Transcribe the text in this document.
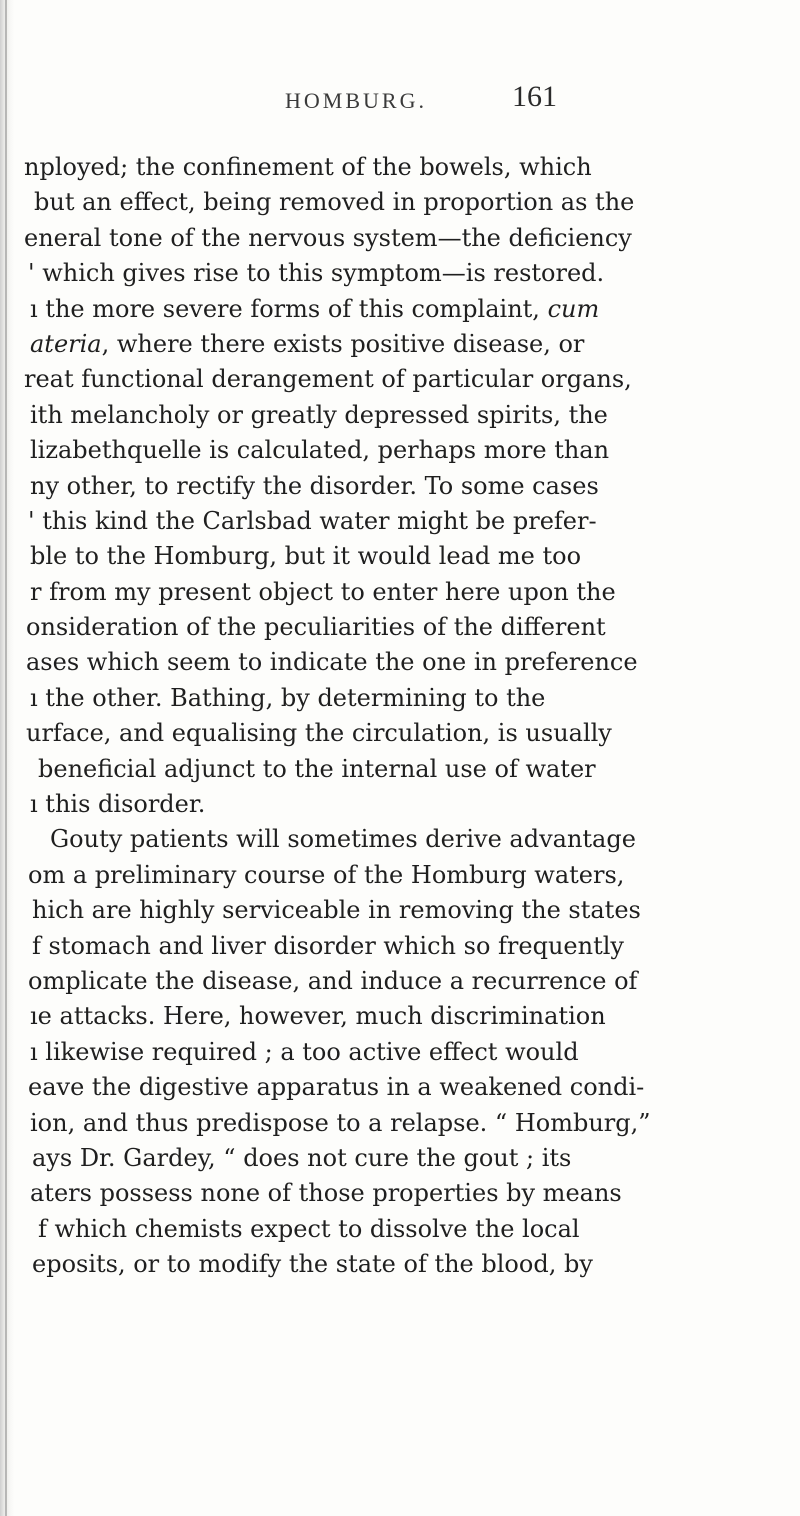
HOMBURG.	161
nployed; the confinement of the bowels, which
but an effect, being removed in proportion as the
eneral tone of the nervous system—the deficiency
' which gives rise to this symptom—is restored.
ı the more severe forms of this complaint, cum
ateria, where there exists positive disease, or
reat functional derangement of particular organs,
ith melancholy or greatly depressed spirits, the
lizabethquelle is calculated, perhaps more than
ny other, to rectify the disorder. To some cases
' this kind the Carlsbad water might be prefer-
ble to the Homburg, but it would lead me too
r from my present object to enter here upon the
onsideration of the peculiarities of the different
ases which seem to indicate the one in preference
ı the other. Bathing, by determining to the
urface, and equalising the circulation, is usually
beneficial adjunct to the internal use of water
ı this disorder.
Gouty patients will sometimes derive advantage
om a preliminary course of the Homburg waters,
hich are highly serviceable in removing the states
f stomach and liver disorder which so frequently
omplicate the disease, and induce a recurrence of
ıe attacks. Here, however, much discrimination
ı likewise required ; a too active effect would
eave the digestive apparatus in a weakened condi-
ion, and thus predispose to a relapse. “ Homburg,”
ays Dr. Gardey, “ does not cure the gout ; its
aters possess none of those properties by means
f which chemists expect to dissolve the local
eposits, or to modify the state of the blood, by
